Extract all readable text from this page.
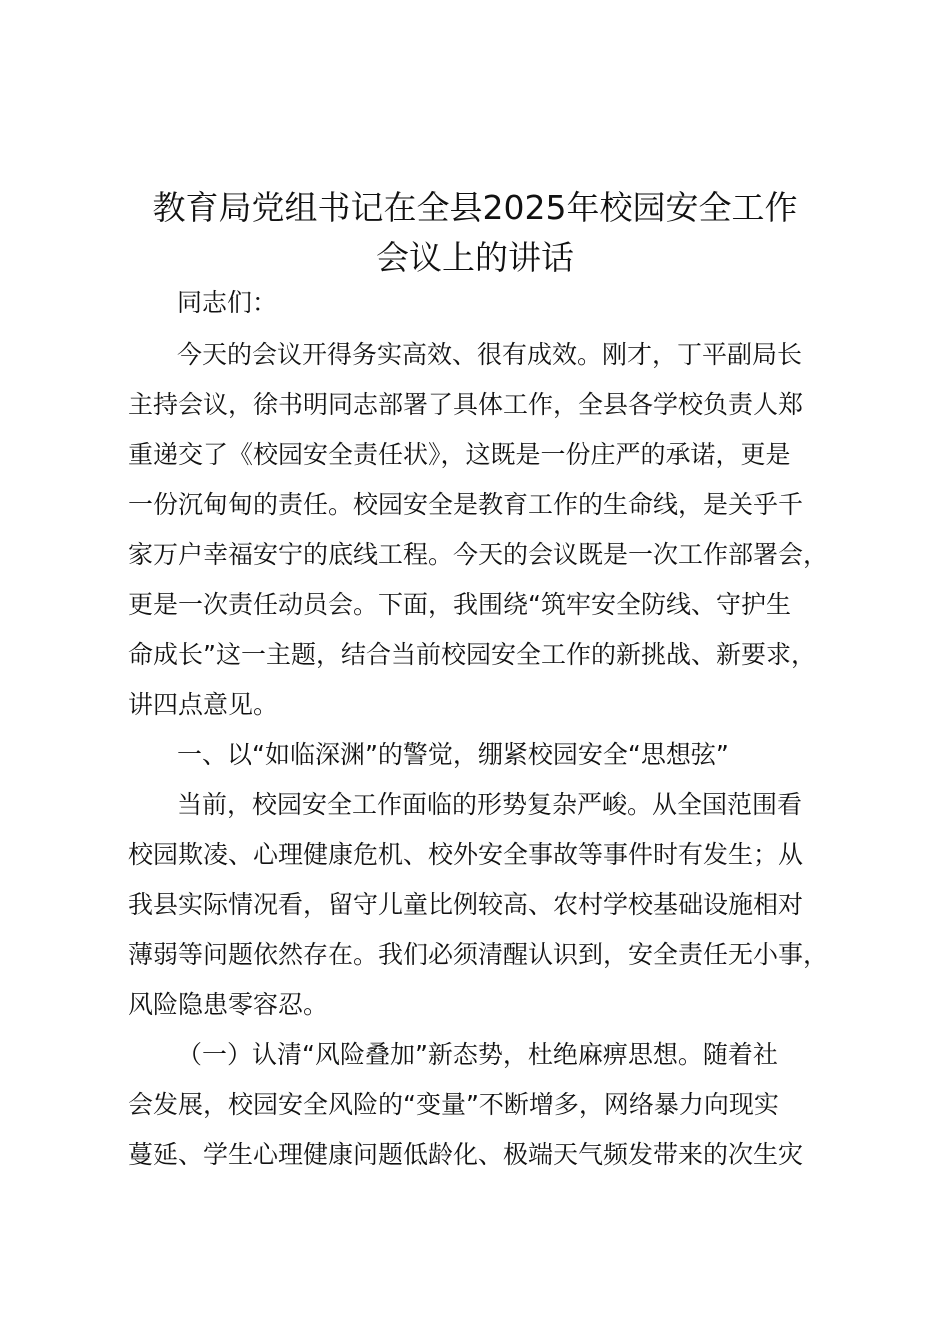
教育局党组书记在全县2025年校园安全工作
会议上的讲话

同志们：

今天的会议开得务实高效、很有成效。刚才，丁平副局长

主持会议，徐书明同志部署了具体工作，全县各学校负责人郑

重递交了《校园安全责任状》，这既是一份庄严的承诺，更是

一份沉甸甸的责任。校园安全是教育工作的生命线，是关乎千

家万户幸福安宁的底线工程。今天的会议既是一次工作部署会，

更是一次责任动员会。下面，我围绕“筑牢安全防线、守护生

命成长”这一主题，结合当前校园安全工作的新挑战、新要求，

讲四点意见。

一、以“如临深渊”的警觉，绷紧校园安全“思想弦”

当前，校园安全工作面临的形势复杂严峻。从全国范围看

校园欺凌、心理健康危机、校外安全事故等事件时有发生；从

我县实际情况看，留守儿童比例较高、农村学校基础设施相对

薄弱等问题依然存在。我们必须清醒认识到，安全责任无小事，

风险隐患零容忍。

（一）认清“风险叠加”新态势，杜绝麻痹思想。随着社

会发展，校园安全风险的“变量”不断增多，网络暴力向现实

蔓延、学生心理健康问题低龄化、极端天气频发带来的次生灾
